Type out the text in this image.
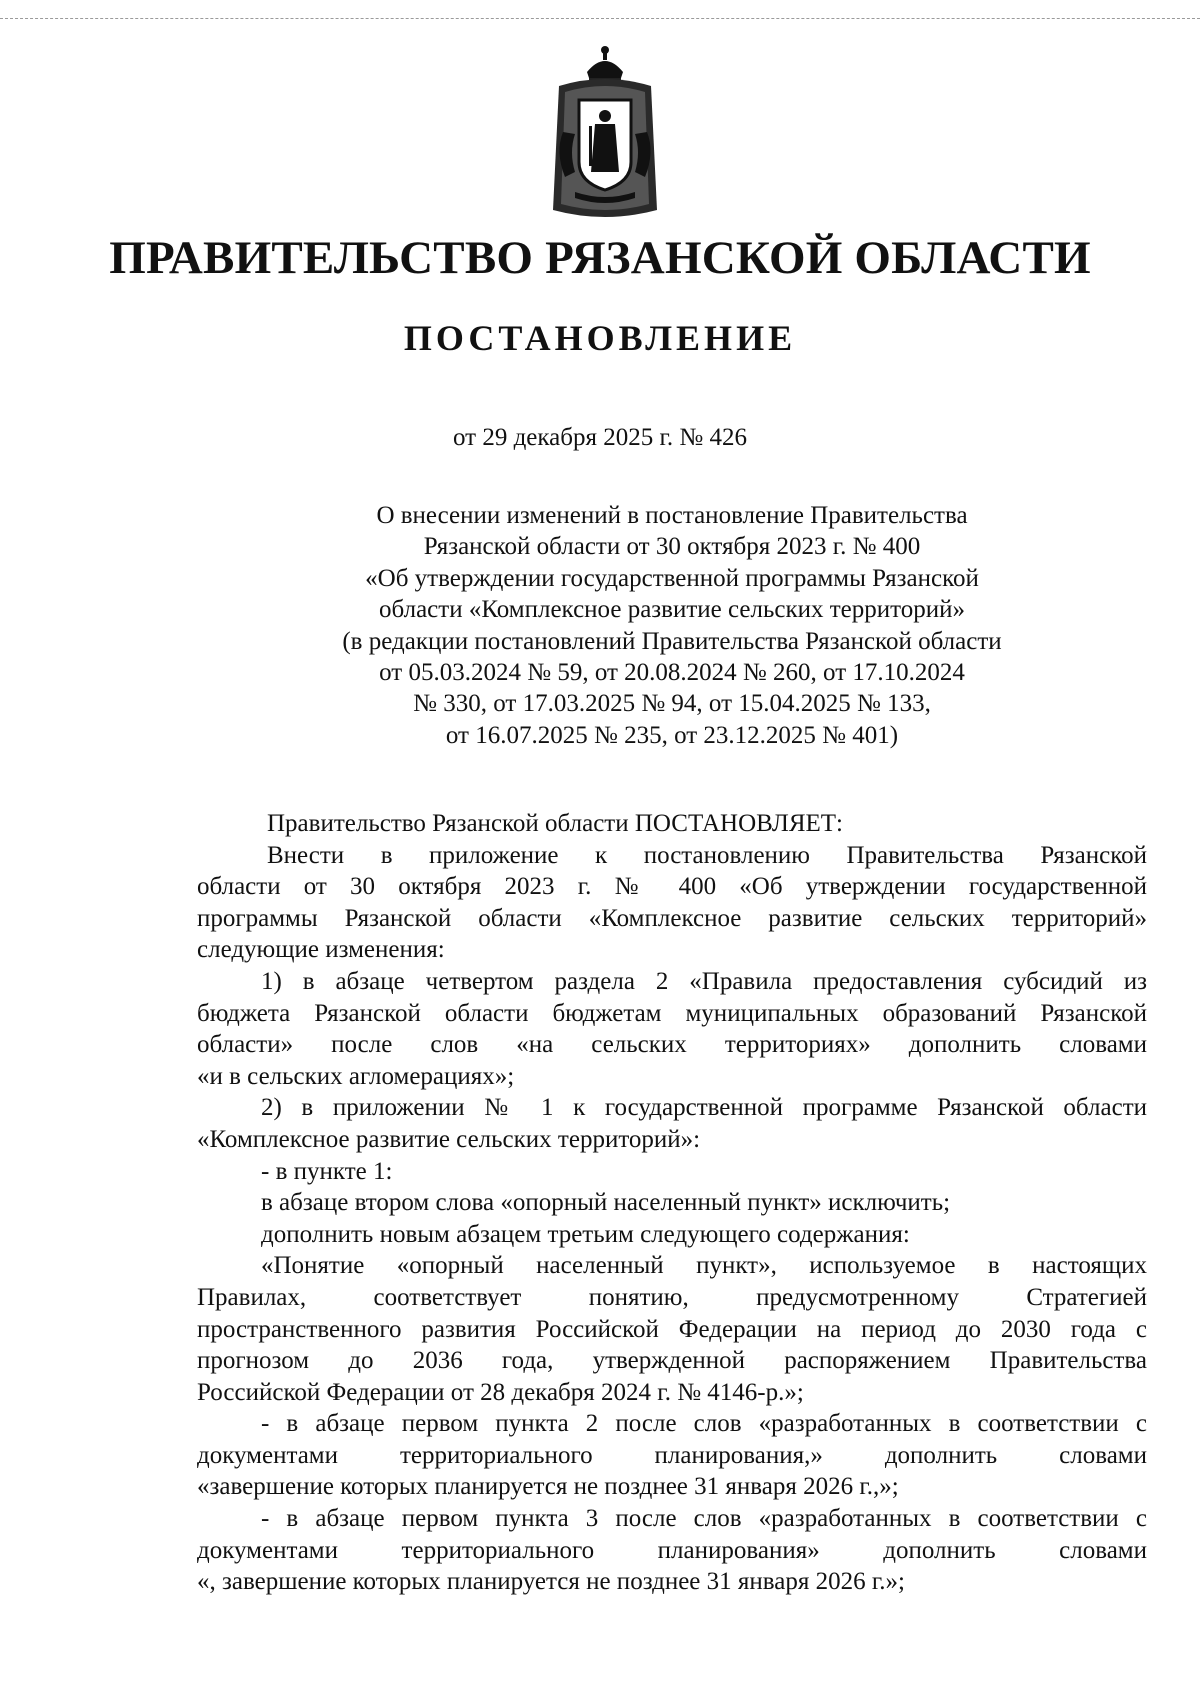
ПРАВИТЕЛЬСТВО РЯЗАНСКОЙ ОБЛАСТИ
ПОСТАНОВЛЕНИЕ
от 29 декабря 2025 г. № 426
О внесении изменений в постановление Правительства
Рязанской области от 30 октября 2023 г. № 400
«Об утверждении государственной программы Рязанской
области «Комплексное развитие сельских территорий»
(в редакции постановлений Правительства Рязанской области
от 05.03.2024 № 59, от 20.08.2024 № 260, от 17.10.2024
№ 330, от 17.03.2025 № 94, от 15.04.2025 № 133,
от 16.07.2025 № 235, от 23.12.2025 № 401)
Правительство Рязанской области ПОСТАНОВЛЯЕТ:
Внести в приложение к постановлению Правительства Рязанской
области от 30 октября 2023 г. № 400 «Об утверждении государственной
программы Рязанской области «Комплексное развитие сельских территорий»
следующие изменения:
1) в абзаце четвертом раздела 2 «Правила предоставления субсидий из
бюджета Рязанской области бюджетам муниципальных образований Рязанской
области» после слов «на сельских территориях» дополнить словами
«и в сельских агломерациях»;
2) в приложении № 1 к государственной программе Рязанской области
«Комплексное развитие сельских территорий»:
- в пункте 1:
в абзаце втором слова «опорный населенный пункт» исключить;
дополнить новым абзацем третьим следующего содержания:
«Понятие «опорный населенный пункт», используемое в настоящих
Правилах, соответствует понятию, предусмотренному Стратегией
пространственного развития Российской Федерации на период до 2030 года с
прогнозом до 2036 года, утвержденной распоряжением Правительства
Российской Федерации от 28 декабря 2024 г. № 4146-р.»;
- в абзаце первом пункта 2 после слов «разработанных в соответствии с
документами территориального планирования,» дополнить словами
«завершение которых планируется не позднее 31 января 2026 г.,»;
- в абзаце первом пункта 3 после слов «разработанных в соответствии с
документами территориального планирования» дополнить словами
«, завершение которых планируется не позднее 31 января 2026 г.»;
